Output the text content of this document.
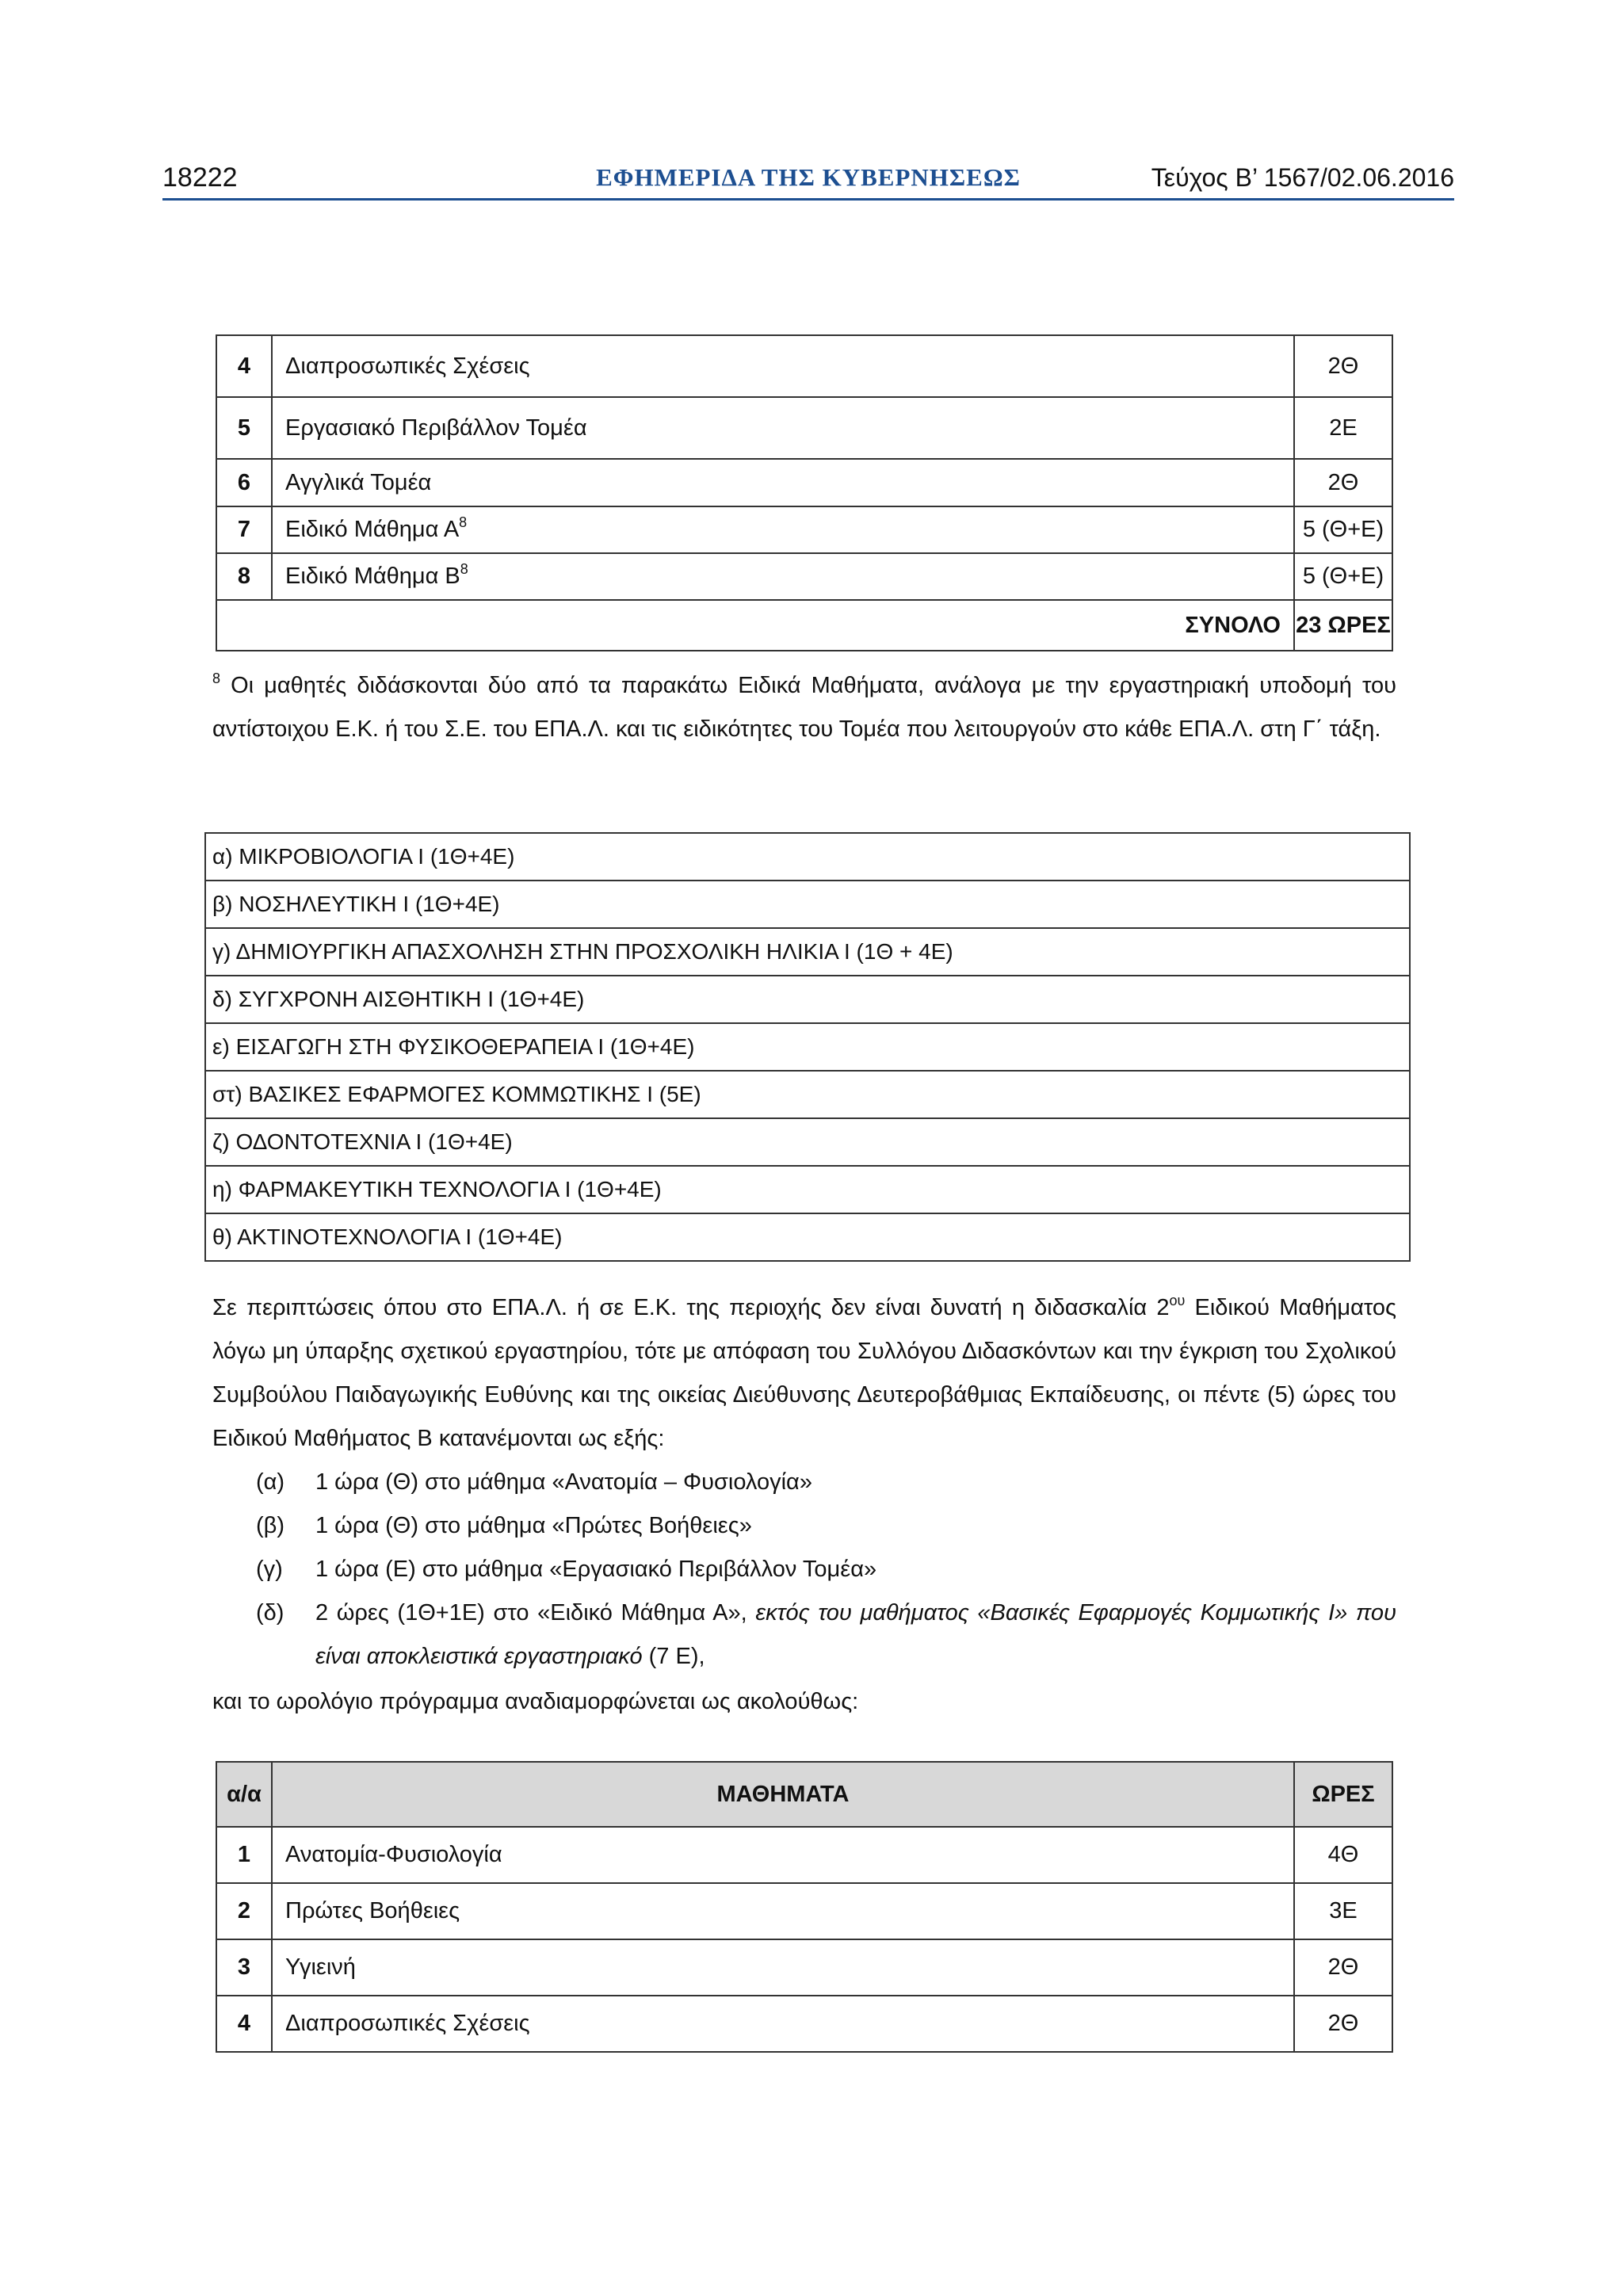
18222	ΕΦΗΜΕΡΙΔΑ ΤΗΣ ΚΥΒΕΡΝΗΣΕΩΣ	Τεύχος Β’ 1567/02.06.2016
4	Διαπροσωπικές Σχέσεις	2Θ
5	Εργασιακό Περιβάλλον Τομέα	2Ε
6	Αγγλικά Τομέα	2Θ
7	Ειδικό Μάθημα $A^8$	5 (Θ+Ε)
8	Ειδικό Μάθημα $B^8$	5 (Θ+Ε)
ΣΥΝΟΛΟ		23 ΩΡΕΣ

$^8$ Οι μαθητές διδάσκονται δύο από τα παρακάτω Ειδικά Μαθήματα, ανάλογα με την εργαστηριακή υποδομή του αντίστοιχου Ε.Κ. ή του Σ.Ε. του ΕΠΑ.Λ. και τις ειδικότητες του Τομέα που λειτουργούν στο κάθε ΕΠΑ.Λ. στη Γ΄ τάξη.

α) ΜΙΚΡΟΒΙΟΛΟΓΙΑ Ι (1Θ+4Ε)
β) ΝΟΣΗΛΕΥΤΙΚΗ Ι (1Θ+4Ε)
γ) ΔΗΜΙΟΥΡΓΙΚΗ ΑΠΑΣΧΟΛΗΣΗ ΣΤΗΝ ΠΡΟΣΧΟΛΙΚΗ ΗΛΙΚΙΑ Ι (1Θ + 4Ε)
δ) ΣΥΓΧΡΟΝΗ ΑΙΣΘΗΤΙΚΗ Ι (1Θ+4Ε)
ε) ΕΙΣΑΓΩΓΗ ΣΤΗ ΦΥΣΙΚΟΘΕΡΑΠΕΙΑ Ι (1Θ+4Ε)
στ) ΒΑΣΙΚΕΣ ΕΦΑΡΜΟΓΕΣ ΚΟΜΜΩΤΙΚΗΣ Ι (5Ε)
ζ) ΟΔΟΝΤΟΤΕΧΝΙΑ Ι (1Θ+4Ε)
η) ΦΑΡΜΑΚΕΥΤΙΚΗ ΤΕΧΝΟΛΟΓΙΑ Ι (1Θ+4Ε)
θ) ΑΚΤΙΝΟΤΕΧΝΟΛΟΓΙΑ Ι (1Θ+4Ε)

Σε περιπτώσεις όπου στο ΕΠΑ.Λ. ή σε Ε.Κ. της περιοχής δεν είναι δυνατή η διδασκαλία $2^{o\upsilon}$ Ειδικού Μαθήματος λόγω μη ύπαρξης σχετικού εργαστηρίου, τότε με απόφαση του Συλλόγου Διδασκόντων και την έγκριση του Σχολικού Συμβούλου Παιδαγωγικής Ευθύνης και της οικείας Διεύθυνσης Δευτεροβάθμιας Εκπαίδευσης, οι πέντε (5) ώρες του Ειδικού Μαθήματος Β κατανέμονται ως εξής:

(α)	1 ώρα (Θ) στο μάθημα «Ανατομία – Φυσιολογία»
(β)	1 ώρα (Θ) στο μάθημα «Πρώτες Βοήθειες»
(γ)	1 ώρα (Ε) στο μάθημα «Εργασιακό Περιβάλλον Τομέα»
(δ)	2 ώρες (1Θ+1Ε) στο «Ειδικό Μάθημα Α», εκτός του μαθήματος «Βασικές Εφαρμογές Κομμωτικής Ι» που είναι αποκλειστικά εργαστηριακό (7 Ε),

και το ωρολόγιο πρόγραμμα αναδιαμορφώνεται ως ακολούθως:

α/α	ΜΑΘΗΜΑΤΑ	ΩΡΕΣ
1	Ανατομία-Φυσιολογία	4Θ
2	Πρώτες Βοήθειες	3Ε
3	Υγιεινή	2Θ
4	Διαπροσωπικές Σχέσεις	2Θ
